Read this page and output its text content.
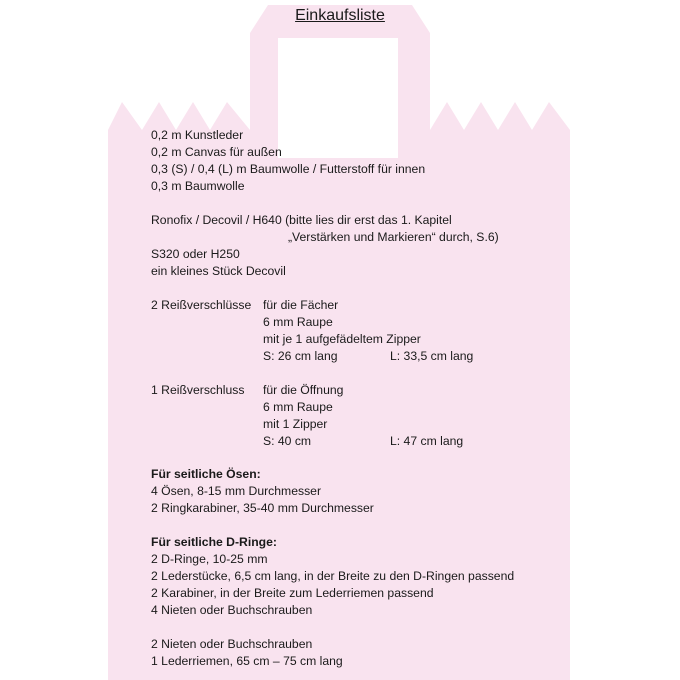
Einkaufsliste
0,2 m Kunstleder
0,2 m Canvas für außen
0,3 (S) / 0,4 (L) m Baumwolle / Futterstoff für innen
0,3 m Baumwolle
Ronofix / Decovil / H640 (bitte lies dir erst das 1. Kapitel
„Verstärken und Markieren“ durch, S.6)
S320 oder H250
ein kleines Stück Decovil
2 Reißverschlüsse für die Fächer
6 mm Raupe
mit je 1 aufgefädeltem Zipper
S: 26 cm lang	L: 33,5 cm lang
1 Reißverschluss für die Öffnung
6 mm Raupe
mit 1 Zipper
S: 40 cm	L: 47 cm lang
Für seitliche Ösen:
4 Ösen, 8-15 mm Durchmesser
2 Ringkarabiner, 35-40 mm Durchmesser
Für seitliche D-Ringe:
2 D-Ringe, 10-25 mm
2 Lederstücke, 6,5 cm lang, in der Breite zu den D-Ringen passend
2 Karabiner, in der Breite zum Lederriemen passend
4 Nieten oder Buchschrauben
2 Nieten oder Buchschrauben
1 Lederriemen, 65 cm – 75 cm lang
